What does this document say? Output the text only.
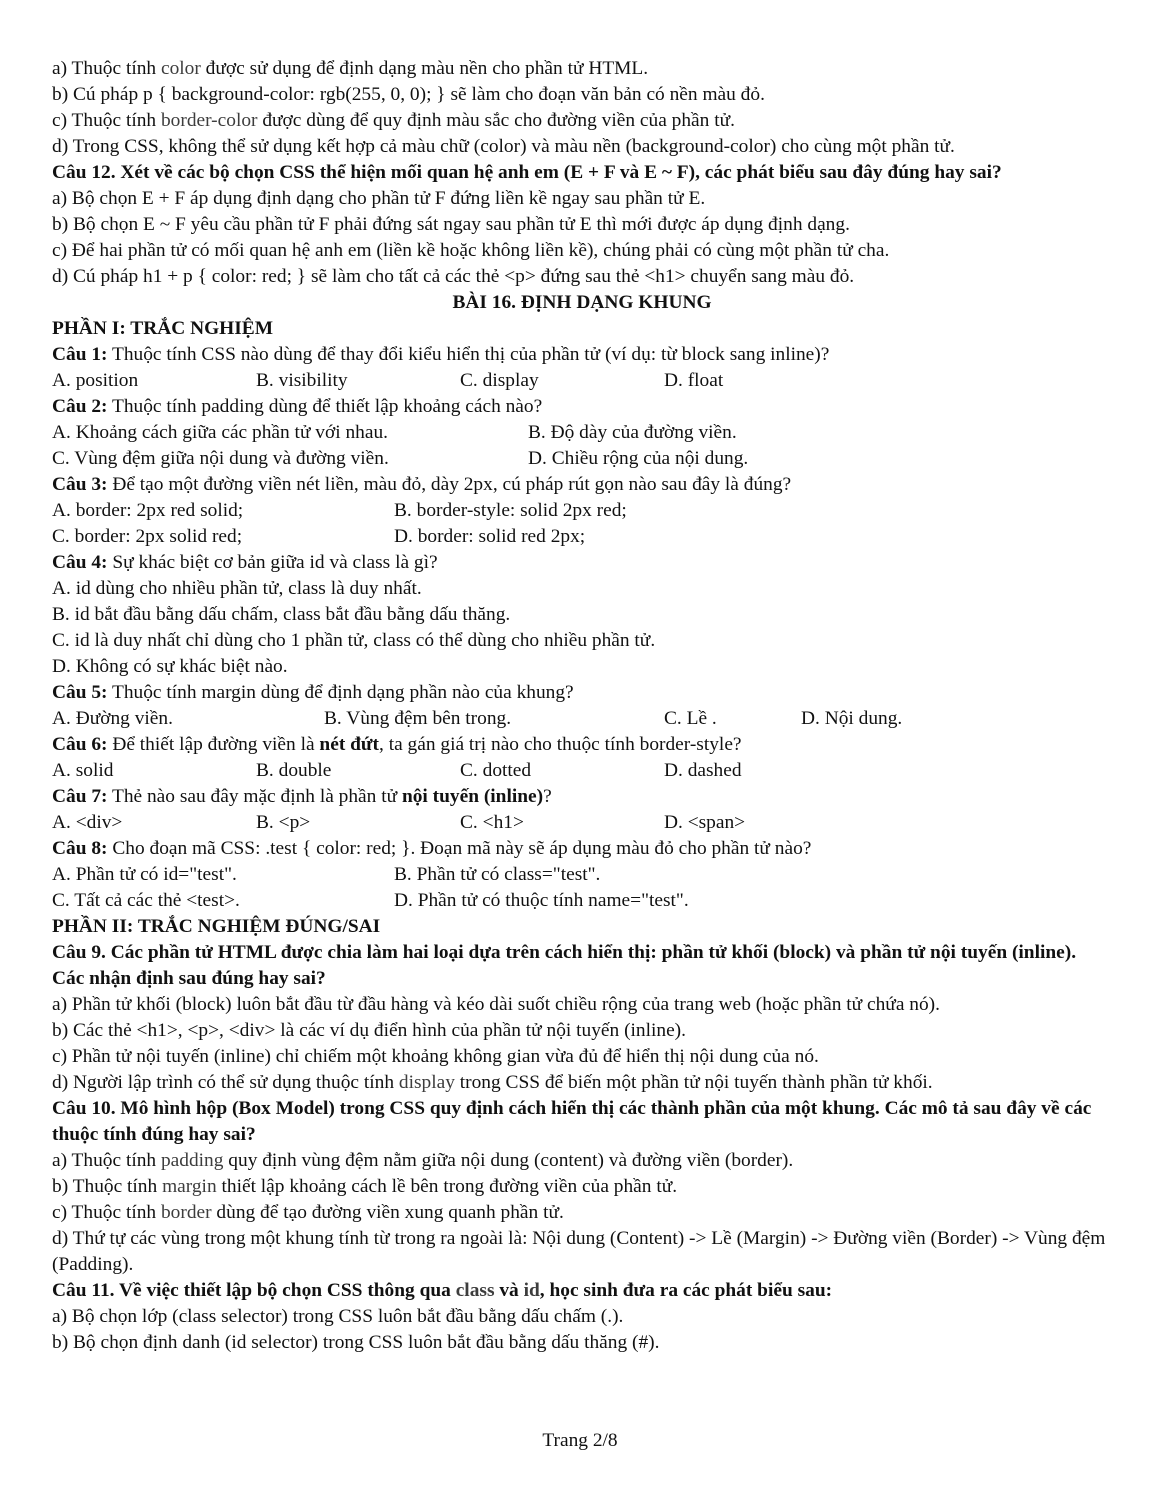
a) Thuộc tính color được sử dụng để định dạng màu nền cho phần tử HTML.
b) Cú pháp p { background-color: rgb(255, 0, 0); } sẽ làm cho đoạn văn bản có nền màu đỏ.
c) Thuộc tính border-color được dùng để quy định màu sắc cho đường viền của phần tử.
d) Trong CSS, không thể sử dụng kết hợp cả màu chữ (color) và màu nền (background-color) cho cùng một phần tử.
Câu 12. Xét về các bộ chọn CSS thể hiện mối quan hệ anh em (E + F và E ~ F), các phát biểu sau đây đúng hay sai?
a) Bộ chọn E + F áp dụng định dạng cho phần tử F đứng liền kề ngay sau phần tử E.
b) Bộ chọn E ~ F yêu cầu phần tử F phải đứng sát ngay sau phần tử E thì mới được áp dụng định dạng.
c) Để hai phần tử có mối quan hệ anh em (liền kề hoặc không liền kề), chúng phải có cùng một phần tử cha.
d) Cú pháp h1 + p { color: red; } sẽ làm cho tất cả các thẻ <p> đứng sau thẻ <h1> chuyển sang màu đỏ.
BÀI 16. ĐỊNH DẠNG KHUNG
PHẦN I: TRẮC NGHIỆM
Câu 1: Thuộc tính CSS nào dùng để thay đổi kiểu hiển thị của phần tử (ví dụ: từ block sang inline)?
A. position	B. visibility	C. display	D. float
Câu 2: Thuộc tính padding dùng để thiết lập khoảng cách nào?
A. Khoảng cách giữa các phần tử với nhau.	B. Độ dày của đường viền.
C. Vùng đệm giữa nội dung và đường viền.	D. Chiều rộng của nội dung.
Câu 3: Để tạo một đường viền nét liền, màu đỏ, dày 2px, cú pháp rút gọn nào sau đây là đúng?
A. border: 2px red solid;	B. border-style: solid 2px red;
C. border: 2px solid red;	D. border: solid red 2px;
Câu 4: Sự khác biệt cơ bản giữa id và class là gì?
A. id dùng cho nhiều phần tử, class là duy nhất.
B. id bắt đầu bằng dấu chấm, class bắt đầu bằng dấu thăng.
C. id là duy nhất chỉ dùng cho 1 phần tử, class có thể dùng cho nhiều phần tử.
D. Không có sự khác biệt nào.
Câu 5: Thuộc tính margin dùng để định dạng phần nào của khung?
A. Đường viền.	B. Vùng đệm bên trong.	C. Lề .	D. Nội dung.
Câu 6: Để thiết lập đường viền là nét đứt, ta gán giá trị nào cho thuộc tính border-style?
A. solid	B. double	C. dotted	D. dashed
Câu 7: Thẻ nào sau đây mặc định là phần tử nội tuyến (inline)?
A. <div>	B. <p>	C. <h1>	D. <span>
Câu 8: Cho đoạn mã CSS: .test { color: red; }. Đoạn mã này sẽ áp dụng màu đỏ cho phần tử nào?
A. Phần tử có id="test".	B. Phần tử có class="test".
C. Tất cả các thẻ <test>.	D. Phần tử có thuộc tính name="test".
PHẦN II: TRẮC NGHIỆM ĐÚNG/SAI
Câu 9. Các phần tử HTML được chia làm hai loại dựa trên cách hiển thị: phần tử khối (block) và phần tử nội tuyến (inline). Các nhận định sau đúng hay sai?
a) Phần tử khối (block) luôn bắt đầu từ đầu hàng và kéo dài suốt chiều rộng của trang web (hoặc phần tử chứa nó).
b) Các thẻ <h1>, <p>, <div> là các ví dụ điển hình của phần tử nội tuyến (inline).
c) Phần tử nội tuyến (inline) chỉ chiếm một khoảng không gian vừa đủ để hiển thị nội dung của nó.
d) Người lập trình có thể sử dụng thuộc tính display trong CSS để biến một phần tử nội tuyến thành phần tử khối.
Câu 10. Mô hình hộp (Box Model) trong CSS quy định cách hiển thị các thành phần của một khung. Các mô tả sau đây về các thuộc tính đúng hay sai?
a) Thuộc tính padding quy định vùng đệm nằm giữa nội dung (content) và đường viền (border).
b) Thuộc tính margin thiết lập khoảng cách lề bên trong đường viền của phần tử.
c) Thuộc tính border dùng để tạo đường viền xung quanh phần tử.
d) Thứ tự các vùng trong một khung tính từ trong ra ngoài là: Nội dung (Content) -> Lề (Margin) -> Đường viền (Border) -> Vùng đệm (Padding).
Câu 11. Về việc thiết lập bộ chọn CSS thông qua class và id, học sinh đưa ra các phát biểu sau:
a) Bộ chọn lớp (class selector) trong CSS luôn bắt đầu bằng dấu chấm (.).
b) Bộ chọn định danh (id selector) trong CSS luôn bắt đầu bằng dấu thăng (#).
Trang 2/8
